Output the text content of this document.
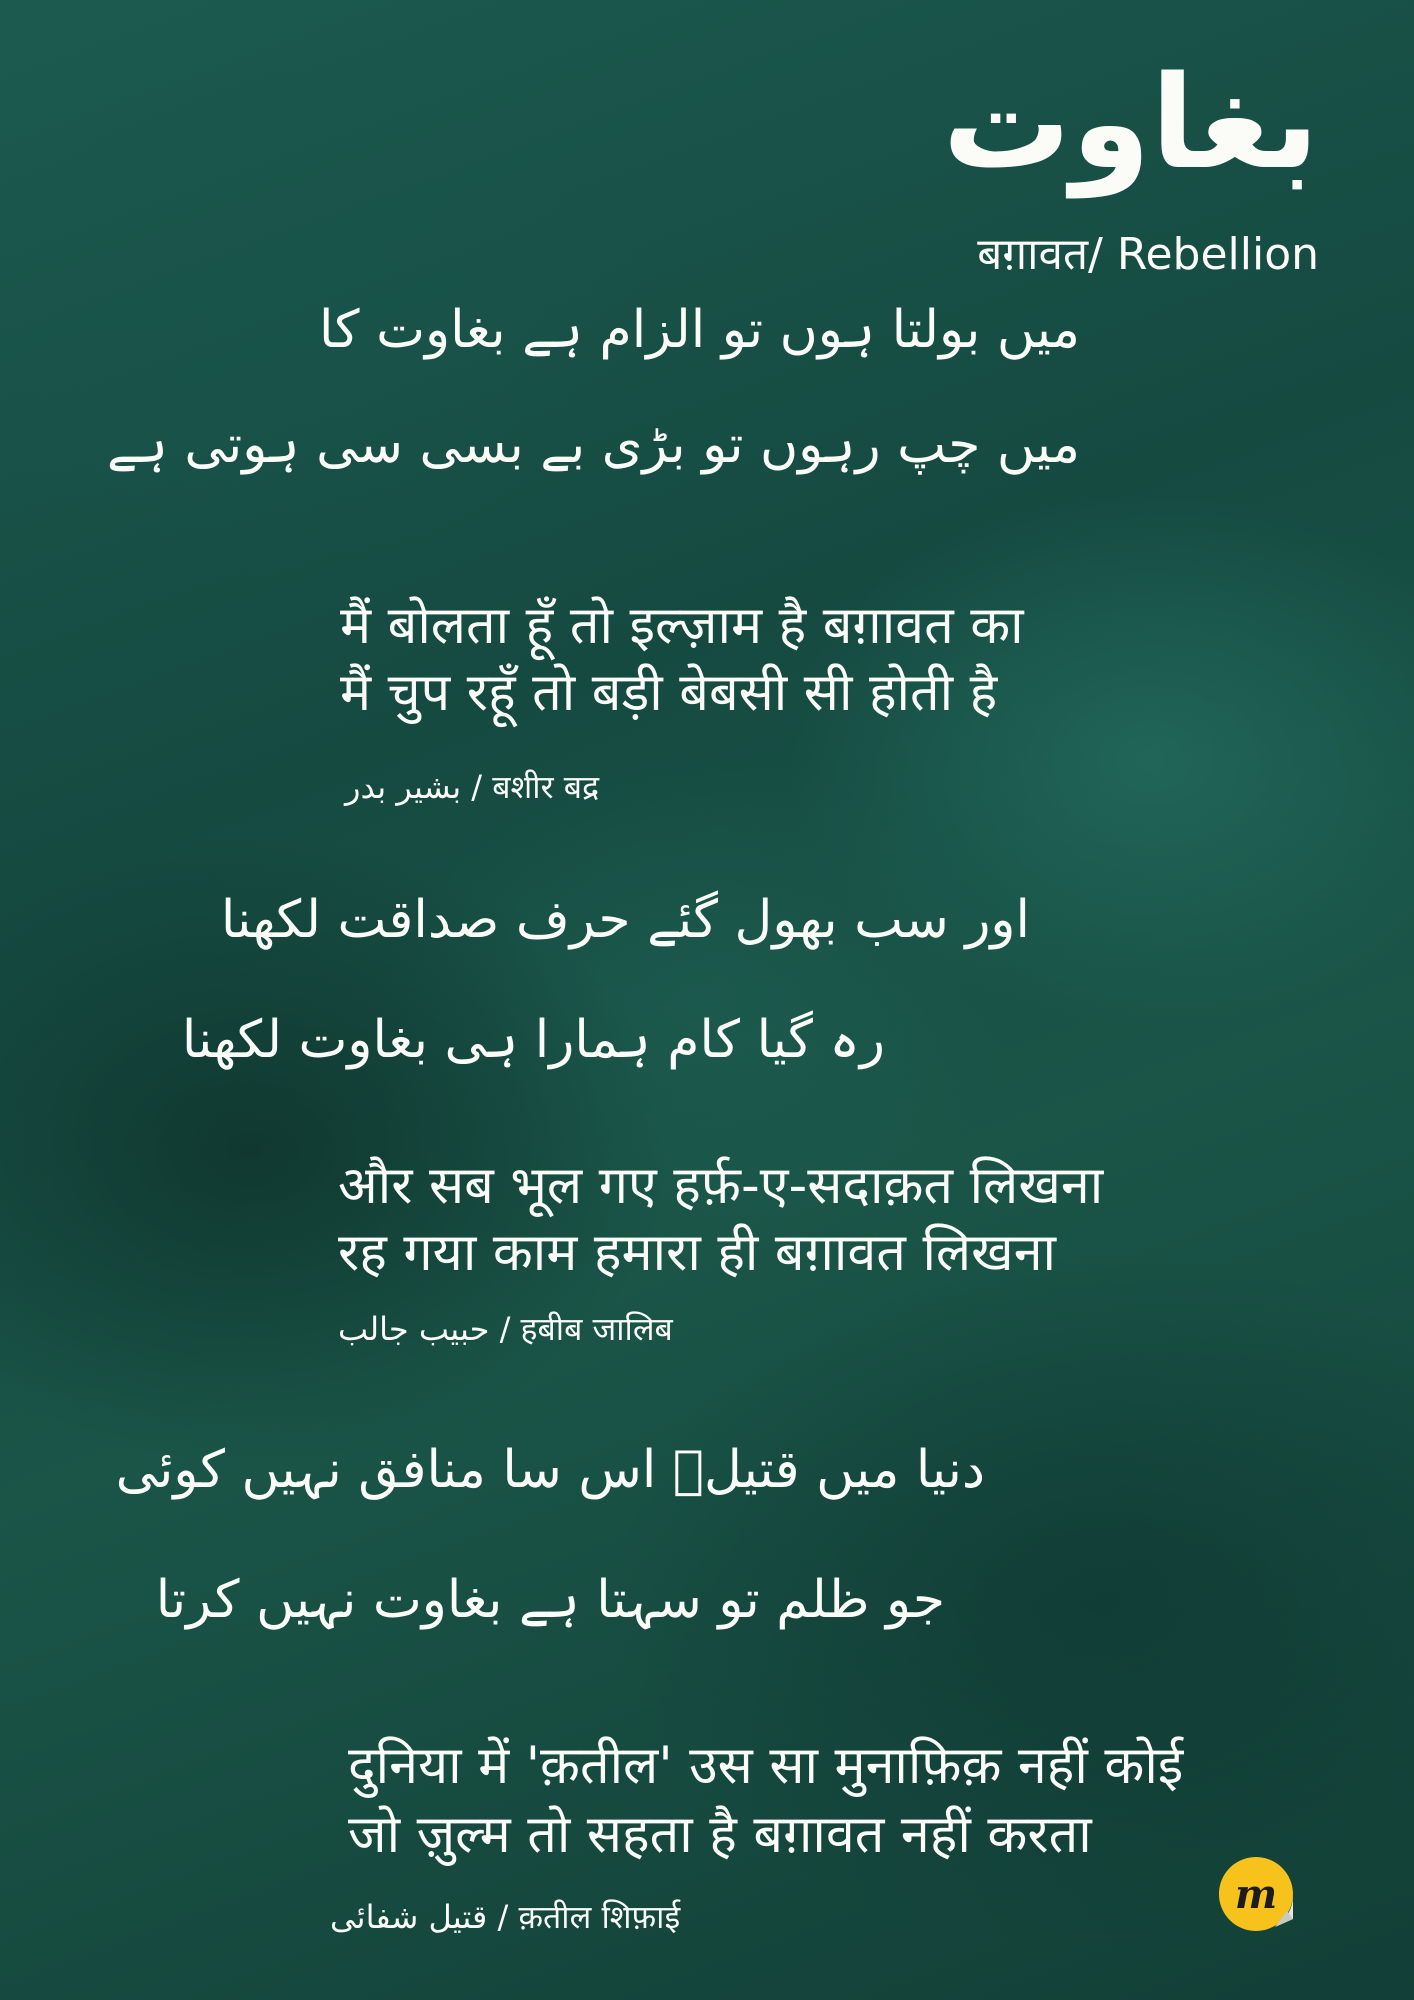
بغاوت
बग़ावत/ Rebellion
میں بولتا ہوں تو الزام ہے بغاوت کا
میں چپ رہوں تو بڑی بے بسی سی ہوتی ہے
मैं बोलता हूँ तो इल्ज़ाम है बग़ावत का
मैं चुप रहूँ तो बड़ी बेबसी सी होती है
بشیر بدر / बशीर बद्र
اور سب بھول گئے حرف صداقت لکھنا
رہ گیا کام ہمارا ہی بغاوت لکھنا
और सब भूल गए हर्फ़-ए-सदाक़त लिखना
रह गया काम हमारा ही बग़ावत लिखना
حبیب جالب / हबीब जालिब
دنیا میں قتیلؔ اس سا منافق نہیں کوئی
جو ظلم تو سہتا ہے بغاوت نہیں کرتا
दुनिया में 'क़तील' उस सा मुनाफ़िक़ नहीं कोई
जो ज़ुल्म तो सहता है बग़ावत नहीं करता
قتیل شفائی / क़तील शिफ़ाई	m
